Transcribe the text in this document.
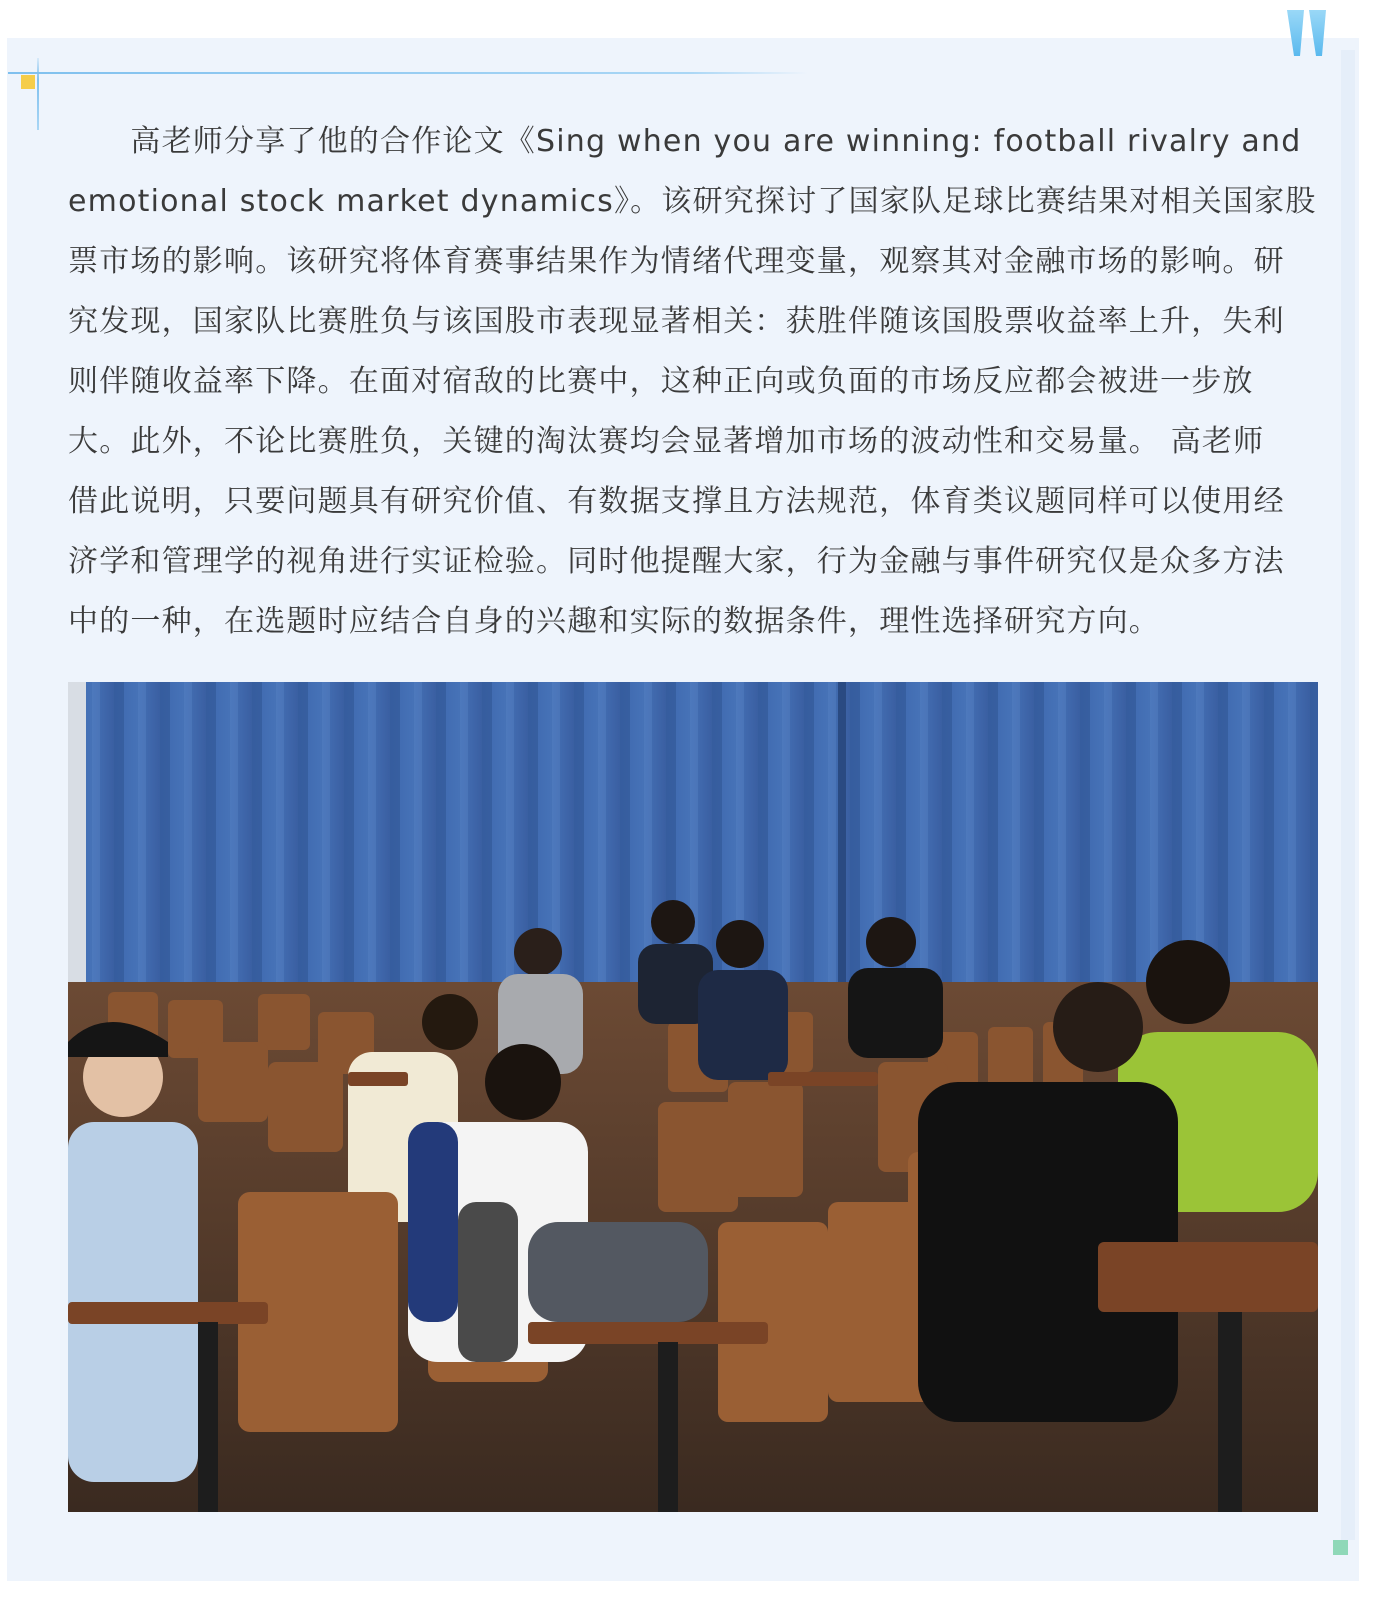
　　高老师分享了他的合作论文《Sing when you are winning: football rivalry and
emotional stock market dynamics》。该研究探讨了国家队足球比赛结果对相关国家股
票市场的影响。该研究将体育赛事结果作为情绪代理变量，观察其对金融市场的影响。研
究发现，国家队比赛胜负与该国股市表现显著相关：获胜伴随该国股票收益率上升，失利
则伴随收益率下降。在面对宿敌的比赛中，这种正向或负面的市场反应都会被进一步放
大。此外，不论比赛胜负，关键的淘汰赛均会显著增加市场的波动性和交易量。 高老师
借此说明，只要问题具有研究价值、有数据支撑且方法规范，体育类议题同样可以使用经
济学和管理学的视角进行实证检验。同时他提醒大家，行为金融与事件研究仅是众多方法
中的一种，在选题时应结合自身的兴趣和实际的数据条件，理性选择研究方向。
